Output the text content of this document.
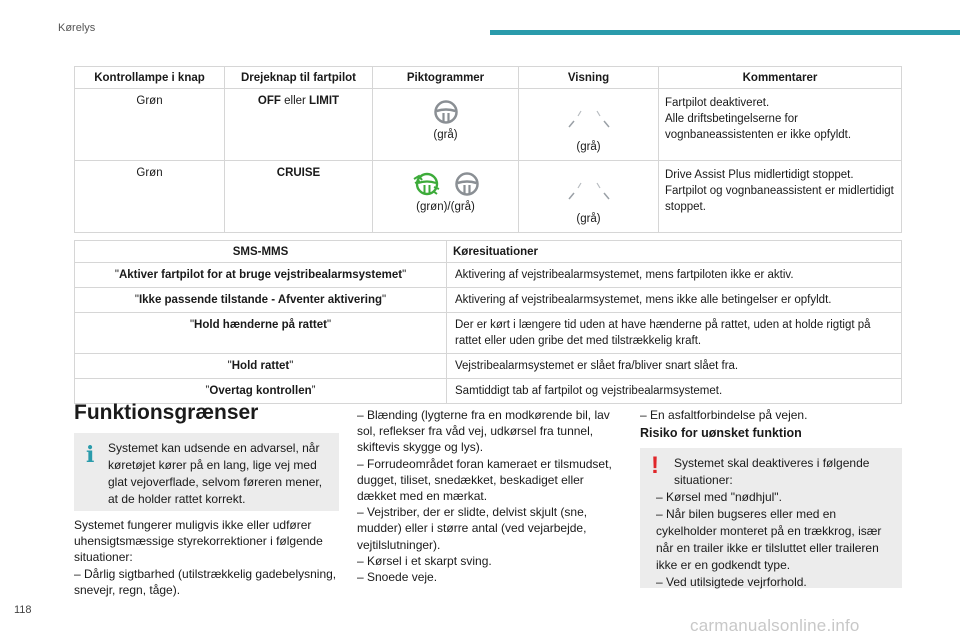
Kørelys
Kontrollampe i knap	Drejeknap til fartpilot	Piktogrammer	Visning	Kommentarer
Grøn	OFF eller LIMIT	(grå)	(grå)	Fartpilot deaktiveret.
Alle driftsbetingelserne for vognbaneassistenten er ikke opfyldt.
Grøn	CRUISE	(grøn)/(grå)	(grå)	Drive Assist Plus midlertidigt stoppet. Fartpilot og vognbaneassistent er midlertidigt stoppet.
SMS-MMS	Køresituationer
"Aktiver fartpilot for at bruge vejstribealarmsystemet"	Aktivering af vejstribealarmsystemet, mens fartpiloten ikke er aktiv.
"Ikke passende tilstande - Afventer aktivering"	Aktivering af vejstribealarmsystemet, mens ikke alle betingelser er opfyldt.
"Hold hænderne på rattet"	Der er kørt i længere tid uden at have hænderne på rattet, uden at holde rigtigt på rattet eller uden gribe det med tilstrækkelig kraft.
"Hold rattet"	Vejstribealarmsystemet er slået fra/bliver snart slået fra.
”Overtag kontrollen”	Samtiddigt tab af fartpilot og vejstribealarmsystemet.
Funktionsgrænser
Systemet kan udsende en advarsel, når
køretøjet kører på en lang, lige vej med glat vejoverflade, selvom føreren mener, at de holder rattet korrekt.
i
Systemet fungerer muligvis ikke eller udfører uhensigtsmæssige styrekorrektioner i følgende situationer:
– Dårlig sigtbarhed (utilstrækkelig gadebelysning, snevejr, regn, tåge).
– Blænding (lygterne fra en modkørende bil, lav sol, reflekser fra våd vej, udkørsel fra tunnel, skiftevis skygge og lys).
– Forrudeområdet foran kameraet er tilsmudset, dugget, tiliset, snedækket, beskadiget eller dækket med en mærkat.
– Vejstriber, der er slidte, delvist skjult (sne, mudder) eller i større antal (ved vejarbejde, vejtilslutninger).
– Kørsel i et skarpt sving.
– Snoede veje.
– En asfaltforbindelse på vejen.
Risiko for uønsket funktion
Systemet skal deaktiveres i følgende
situationer:
– Kørsel med "nødhjul".
– Når bilen bugseres eller med en cykelholder monteret på en trækkrog, især når en trailer ikke er tilsluttet eller traileren ikke er en godkendt type.
– Ved utilsigtede vejrforhold.
!
118
carmanualsonline.info
